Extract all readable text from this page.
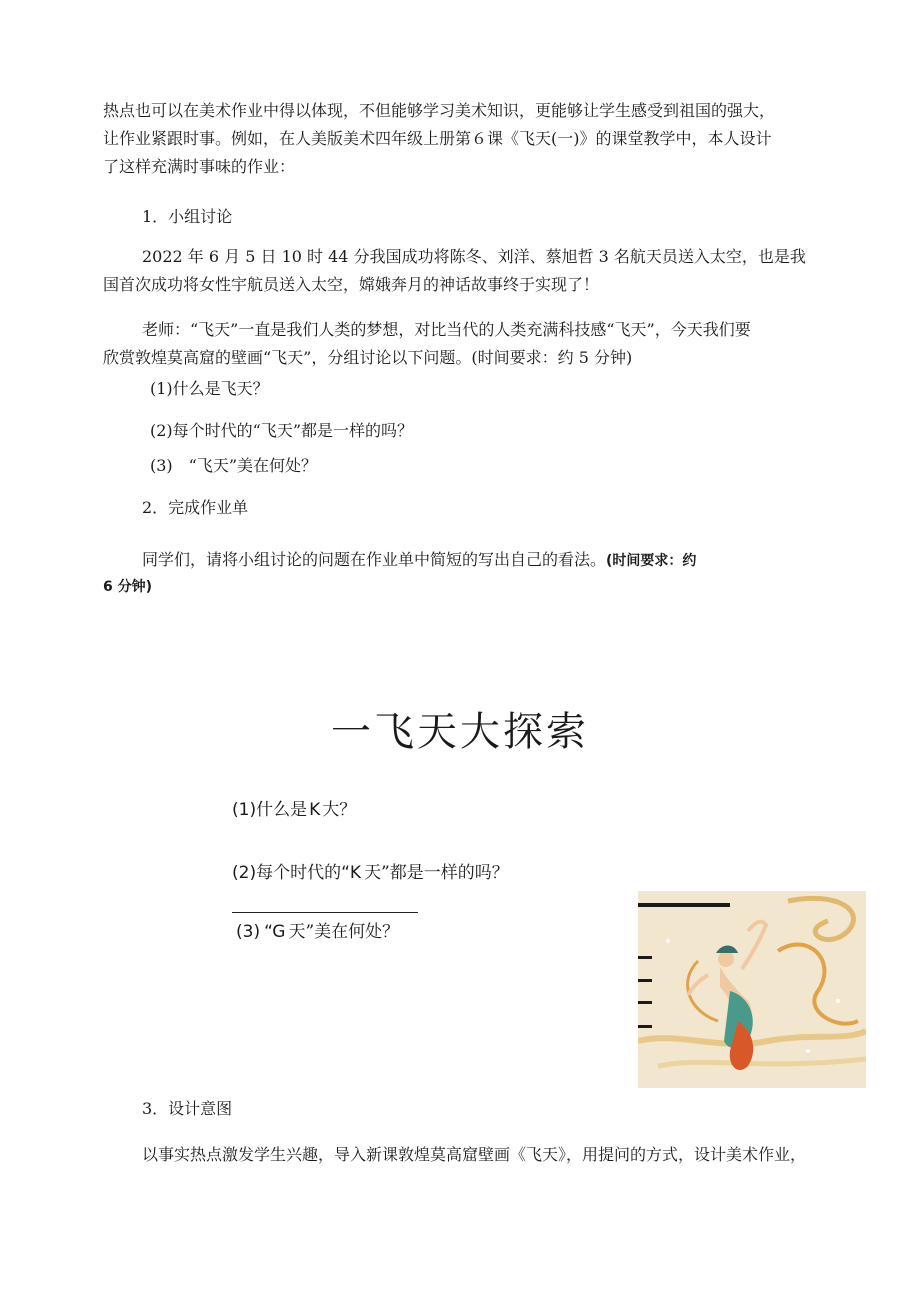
热点也可以在美术作业中得以体现，不但能够学习美术知识，更能够让学生感受到祖国的强大，
让作业紧跟时事。例如，在人美版美术四年级上册第６课《飞天(一)》的课堂教学中，本人设计
了这样充满时事味的作业：
1．小组讨论
2022 年 6 月 5 日 10 时 44 分我国成功将陈冬、刘洋、蔡旭哲 3 名航天员送入太空，也是我
国首次成功将女性宇航员送入太空，嫦娥奔月的神话故事终于实现了！
老师：“飞天”一直是我们人类的梦想，对比当代的人类充满科技感“飞天”，今天我们要
欣赏敦煌莫高窟的壁画“飞天”，分组讨论以下问题。(时间要求：约 5 分钟)
(1)什么是飞天？
(2)每个时代的“飞天”都是一样的吗？
(3)　“飞天”美在何处？
2．完成作业单
同学们，请将小组讨论的问题在作业单中简短的写出自己的看法。(时间要求：约
6 分钟)
一飞天大探索
(1)什么是 K 大？
(2)每个时代的“K 天”都是一样的吗？
(3) “G 天”美在何处？
3．设计意图
以事实热点激发学生兴趣，导入新课敦煌莫高窟壁画《飞天》，用提问的方式，设计美术作业，
